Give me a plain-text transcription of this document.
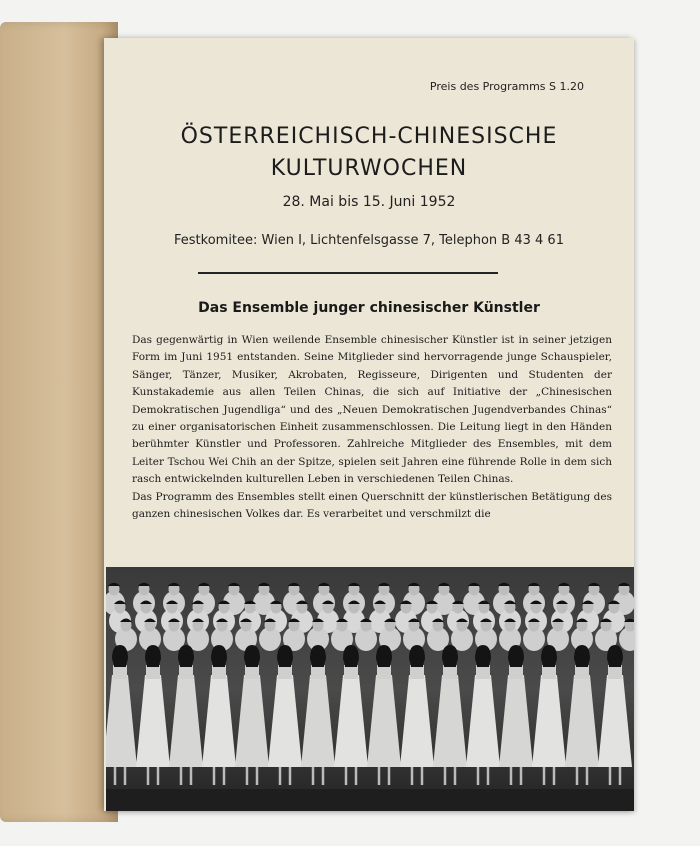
Preis des Programms S 1.20
ÖSTERREICHISCH-CHINESISCHE
KULTURWOCHEN
28. Mai bis 15. Juni 1952
Festkomitee: Wien I, Lichtenfelsgasse 7, Telephon B 43 4 61
Das Ensemble junger chinesischer Künstler

Das gegenwärtig in Wien weilende Ensemble chinesischer Künstler ist in seiner jetzigen Form im Juni 1951 entstanden. Seine Mitglieder sind hervorragende junge Schauspieler, Sänger, Tänzer, Musiker, Akrobaten, Regisseure, Dirigenten und Studenten der Kunstakademie aus allen Teilen Chinas, die sich auf Initiative der „Chinesischen Demokratischen Jugendliga“ und des „Neuen Demokratischen Jugendverbandes Chinas“ zu einer organisatorischen Einheit zusammenschlossen. Die Leitung liegt in den Händen berühmter Künstler und Professoren. Zahlreiche Mitglieder des Ensembles, mit dem Leiter Tschou Wei Chih an der Spitze, spielen seit Jahren eine führende Rolle in dem sich rasch entwickelnden kulturellen Leben in verschiedenen Teilen Chinas.

Das Programm des Ensembles stellt einen Querschnitt der künstlerischen Betätigung des ganzen chinesischen Volkes dar. Es verarbeitet und verschmilzt die
